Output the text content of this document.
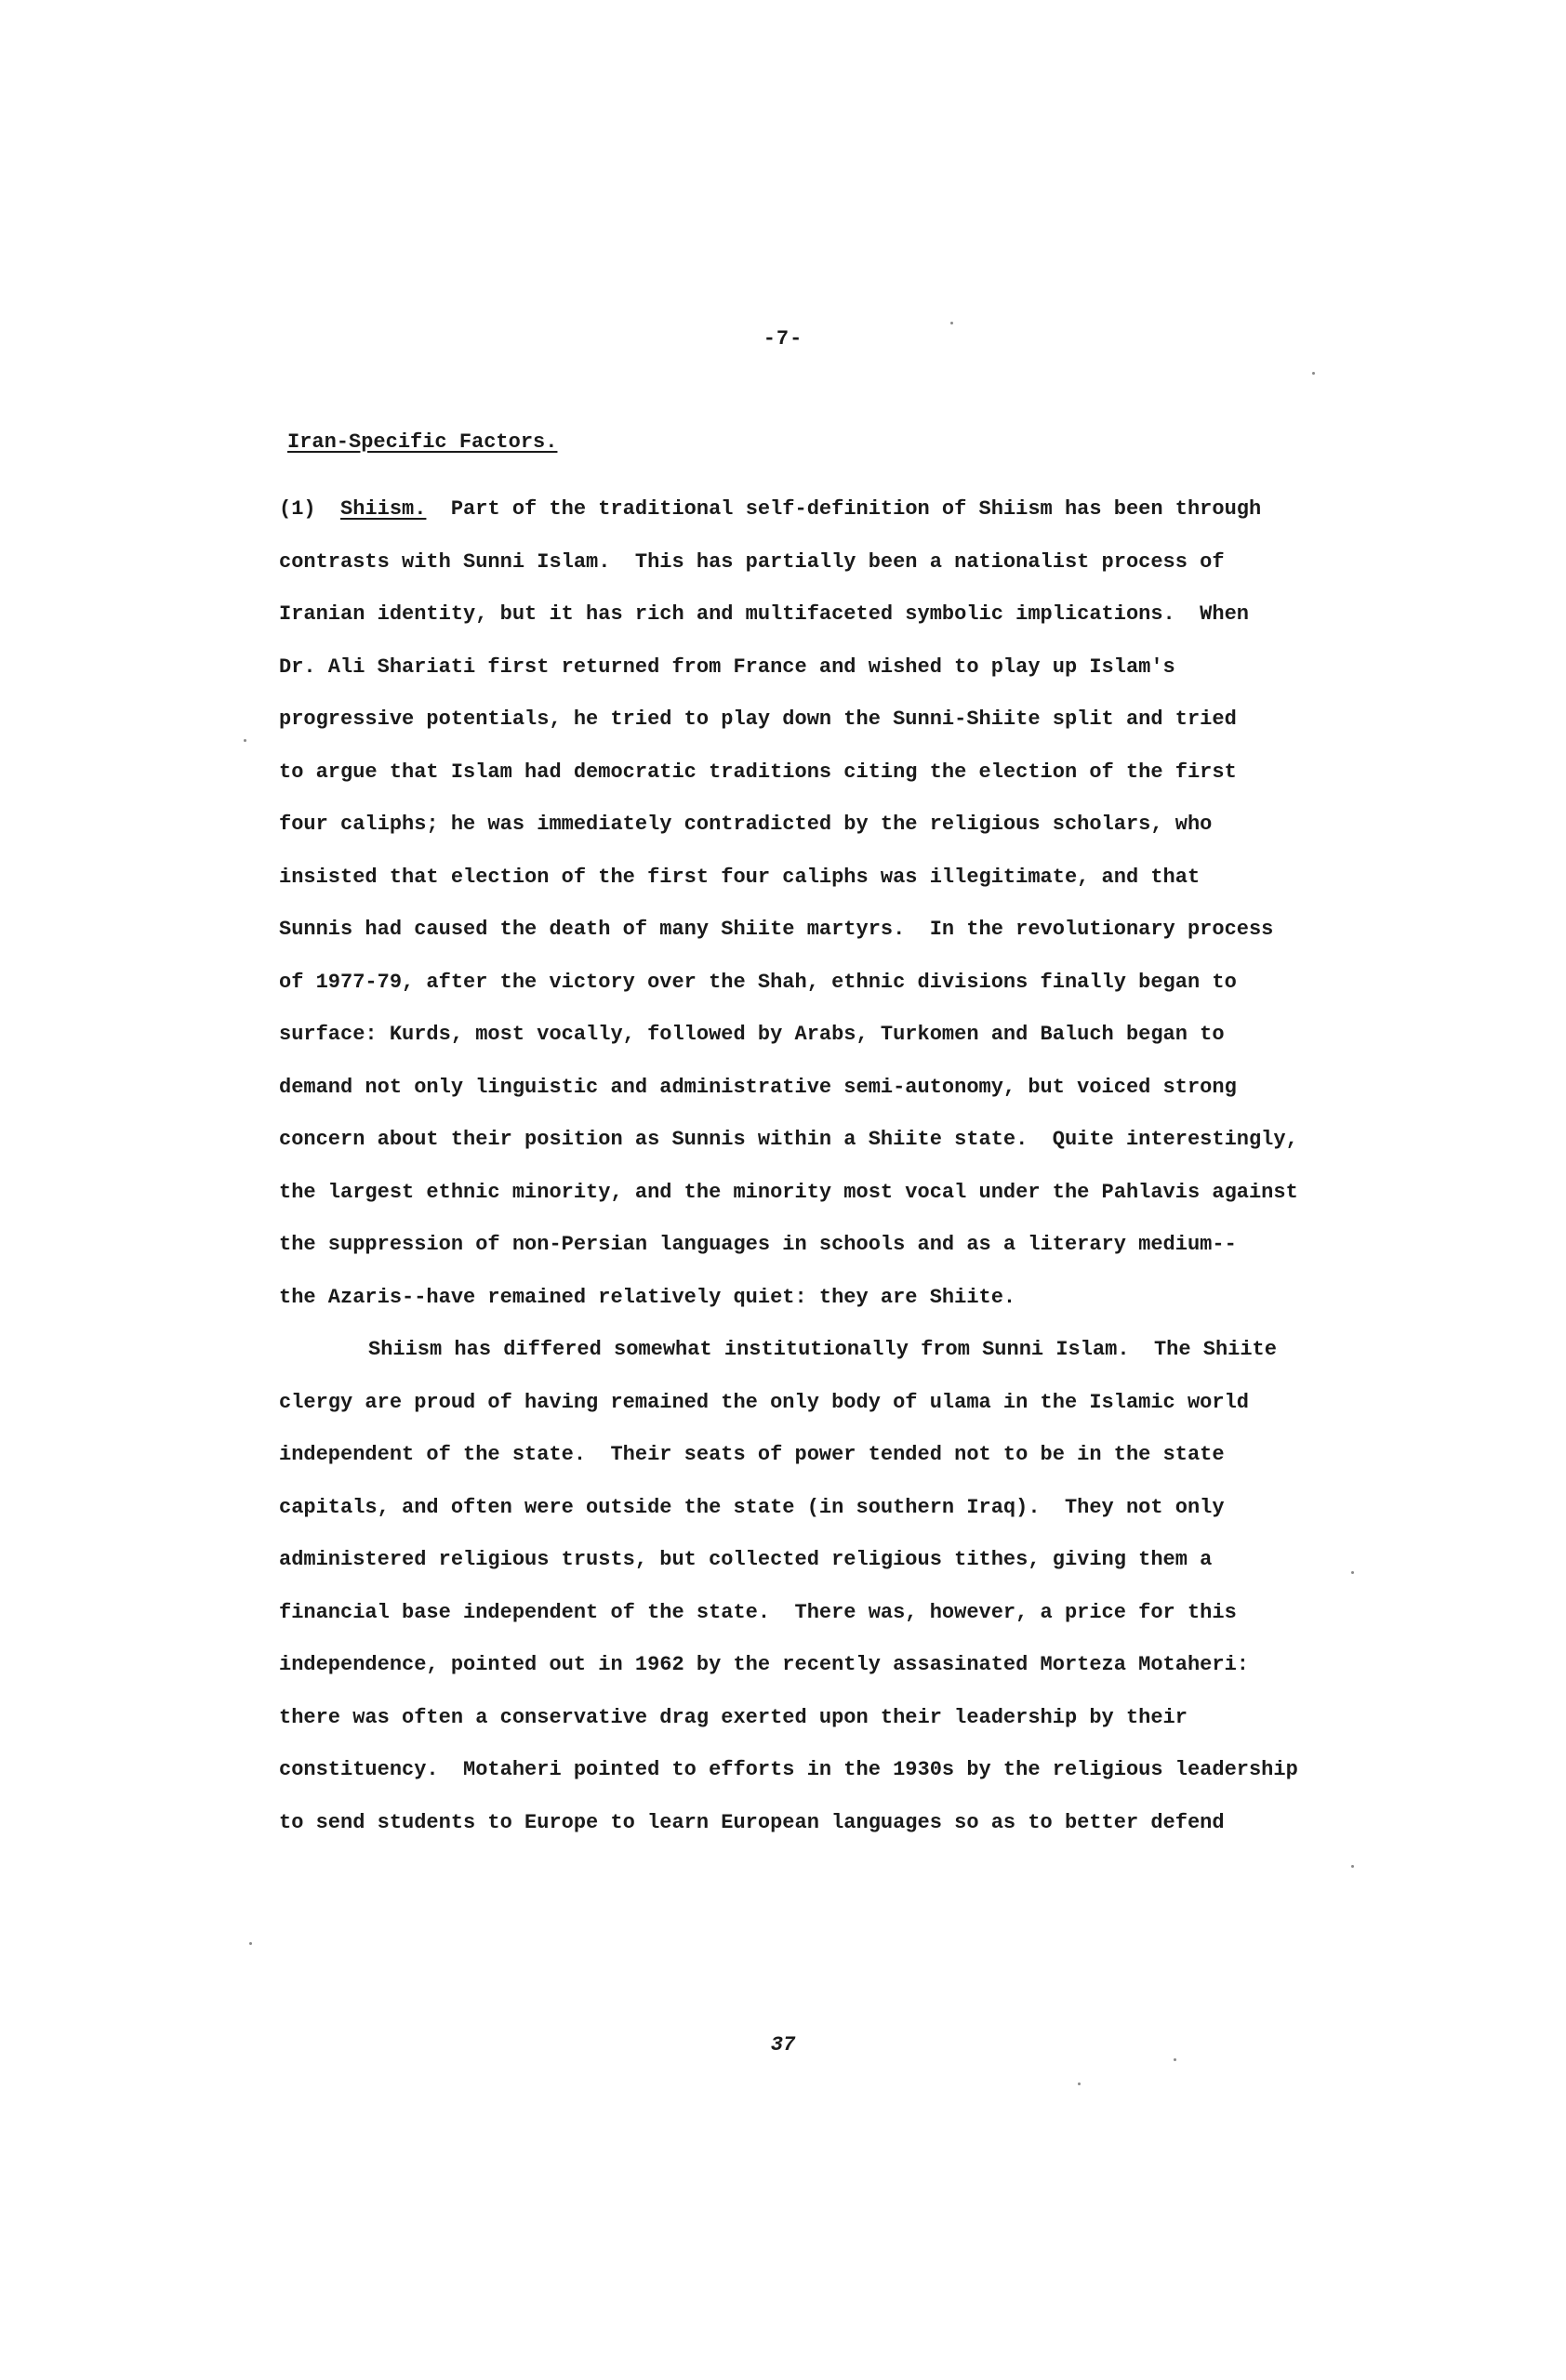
-7-
Iran-Specific Factors.
(1) Shiism. Part of the traditional self-definition of Shiism has been through
contrasts with Sunni Islam.  This has partially been a nationalist process of
Iranian identity, but it has rich and multifaceted symbolic implications.  When
Dr. Ali Shariati first returned from France and wished to play up Islam's
progressive potentials, he tried to play down the Sunni-Shiite split and tried
to argue that Islam had democratic traditions citing the election of the first
four caliphs; he was immediately contradicted by the religious scholars, who
insisted that election of the first four caliphs was illegitimate, and that
Sunnis had caused the death of many Shiite martyrs.  In the revolutionary process
of 1977-79, after the victory over the Shah, ethnic divisions finally began to
surface: Kurds, most vocally, followed by Arabs, Turkomen and Baluch began to
demand not only linguistic and administrative semi-autonomy, but voiced strong
concern about their position as Sunnis within a Shiite state.  Quite interestingly,
the largest ethnic minority, and the minority most vocal under the Pahlavis against
the suppression of non-Persian languages in schools and as a literary medium--
the Azaris--have remained relatively quiet: they are Shiite.
Shiism has differed somewhat institutionally from Sunni Islam.  The Shiite
clergy are proud of having remained the only body of ulama in the Islamic world
independent of the state.  Their seats of power tended not to be in the state
capitals, and often were outside the state (in southern Iraq).  They not only
administered religious trusts, but collected religious tithes, giving them a
financial base independent of the state.  There was, however, a price for this
independence, pointed out in 1962 by the recently assasinated Morteza Motaheri:
there was often a conservative drag exerted upon their leadership by their
constituency.  Motaheri pointed to efforts in the 1930s by the religious leadership
to send students to Europe to learn European languages so as to better defend
37
